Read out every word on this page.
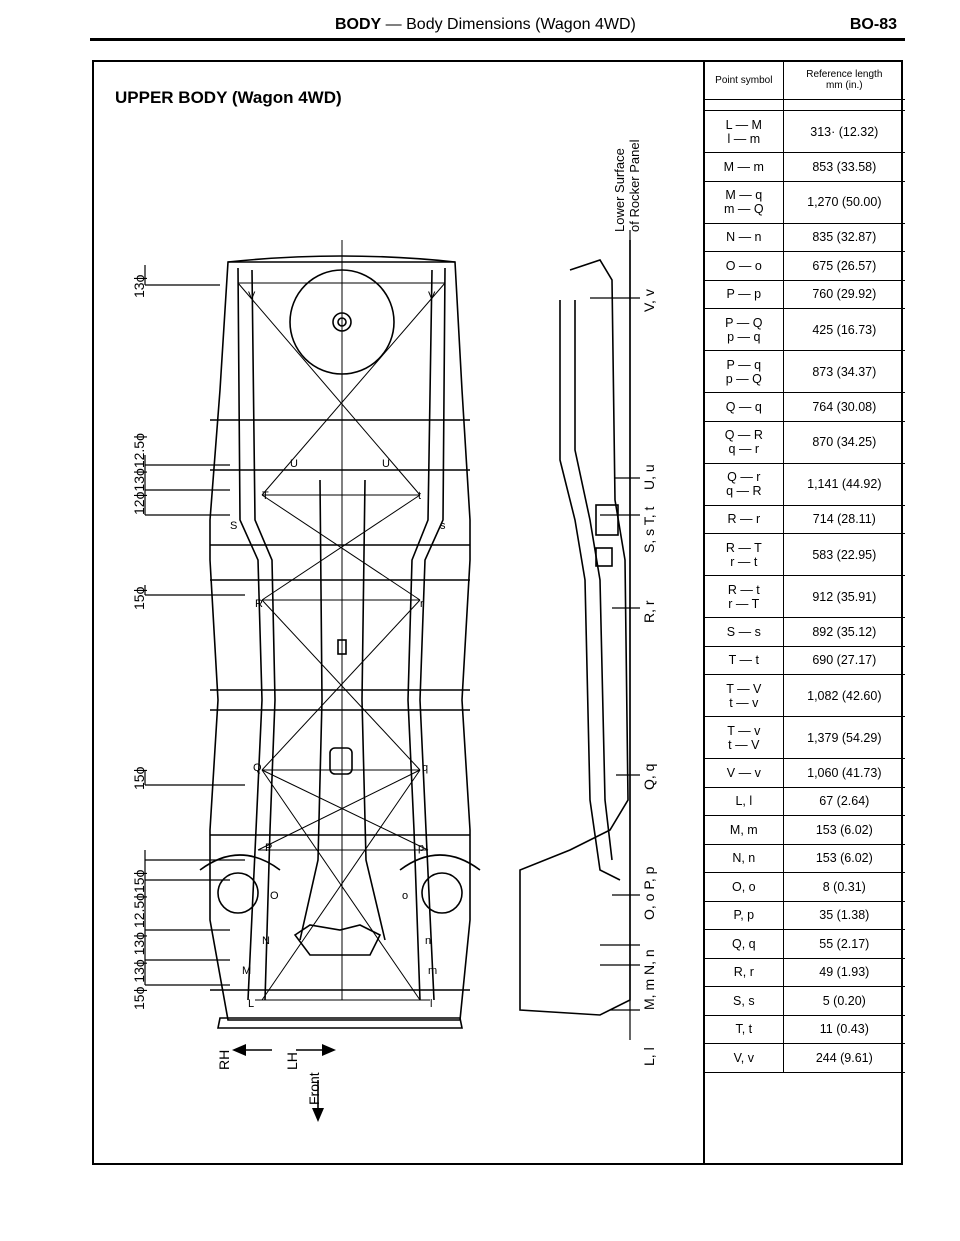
BODY — Body Dimensions (Wagon 4WD)	BO-83
UPPER BODY (Wagon 4WD)
Lower Surface of Rocker Panel
13ϕ
12ϕ13ϕ12.5ϕ
15ϕ
15ϕ
15ϕ 13ϕ 13ϕ 12.5ϕ15ϕ
V, v
U, u
S, s T, t
R, r
Q, q
O, o P, p
M, m N, n
L, l
RH	LH
Front
V	V
U	U
T	t
S	s
R	r
Q	q
P	p
O	o
N	n
M	m
L	l
Point symbol	Reference length
mm (in.)

L — M
l — m	313· (12.32)

M — m	853 (33.58)

M — q
m — Q	1,270 (50.00)

N — n	835 (32.87)

O — o	675 (26.57)

P — p	760 (29.92)

P — Q
p — q	425 (16.73)

P — q
p — Q	873 (34.37)

Q — q	764 (30.08)

Q — R
q — r	870 (34.25)

Q — r
q — R	1,141 (44.92)

R — r	714 (28.11)

R — T
r — t	583 (22.95)

R — t
r — T	912 (35.91)

S — s	892 (35.12)

T — t	690 (27.17)

T — V
t — v	1,082 (42.60)

T — v
t — V	1,379 (54.29)

V — v	1,060 (41.73)

L, l	67 (2.64)

M, m	153 (6.02)

N, n	153 (6.02)

O, o	8 (0.31)

P, p	35 (1.38)

Q, q	55 (2.17)

R, r	49 (1.93)

S, s	5 (0.20)

T, t	11 (0.43)

V, v	244 (9.61)
